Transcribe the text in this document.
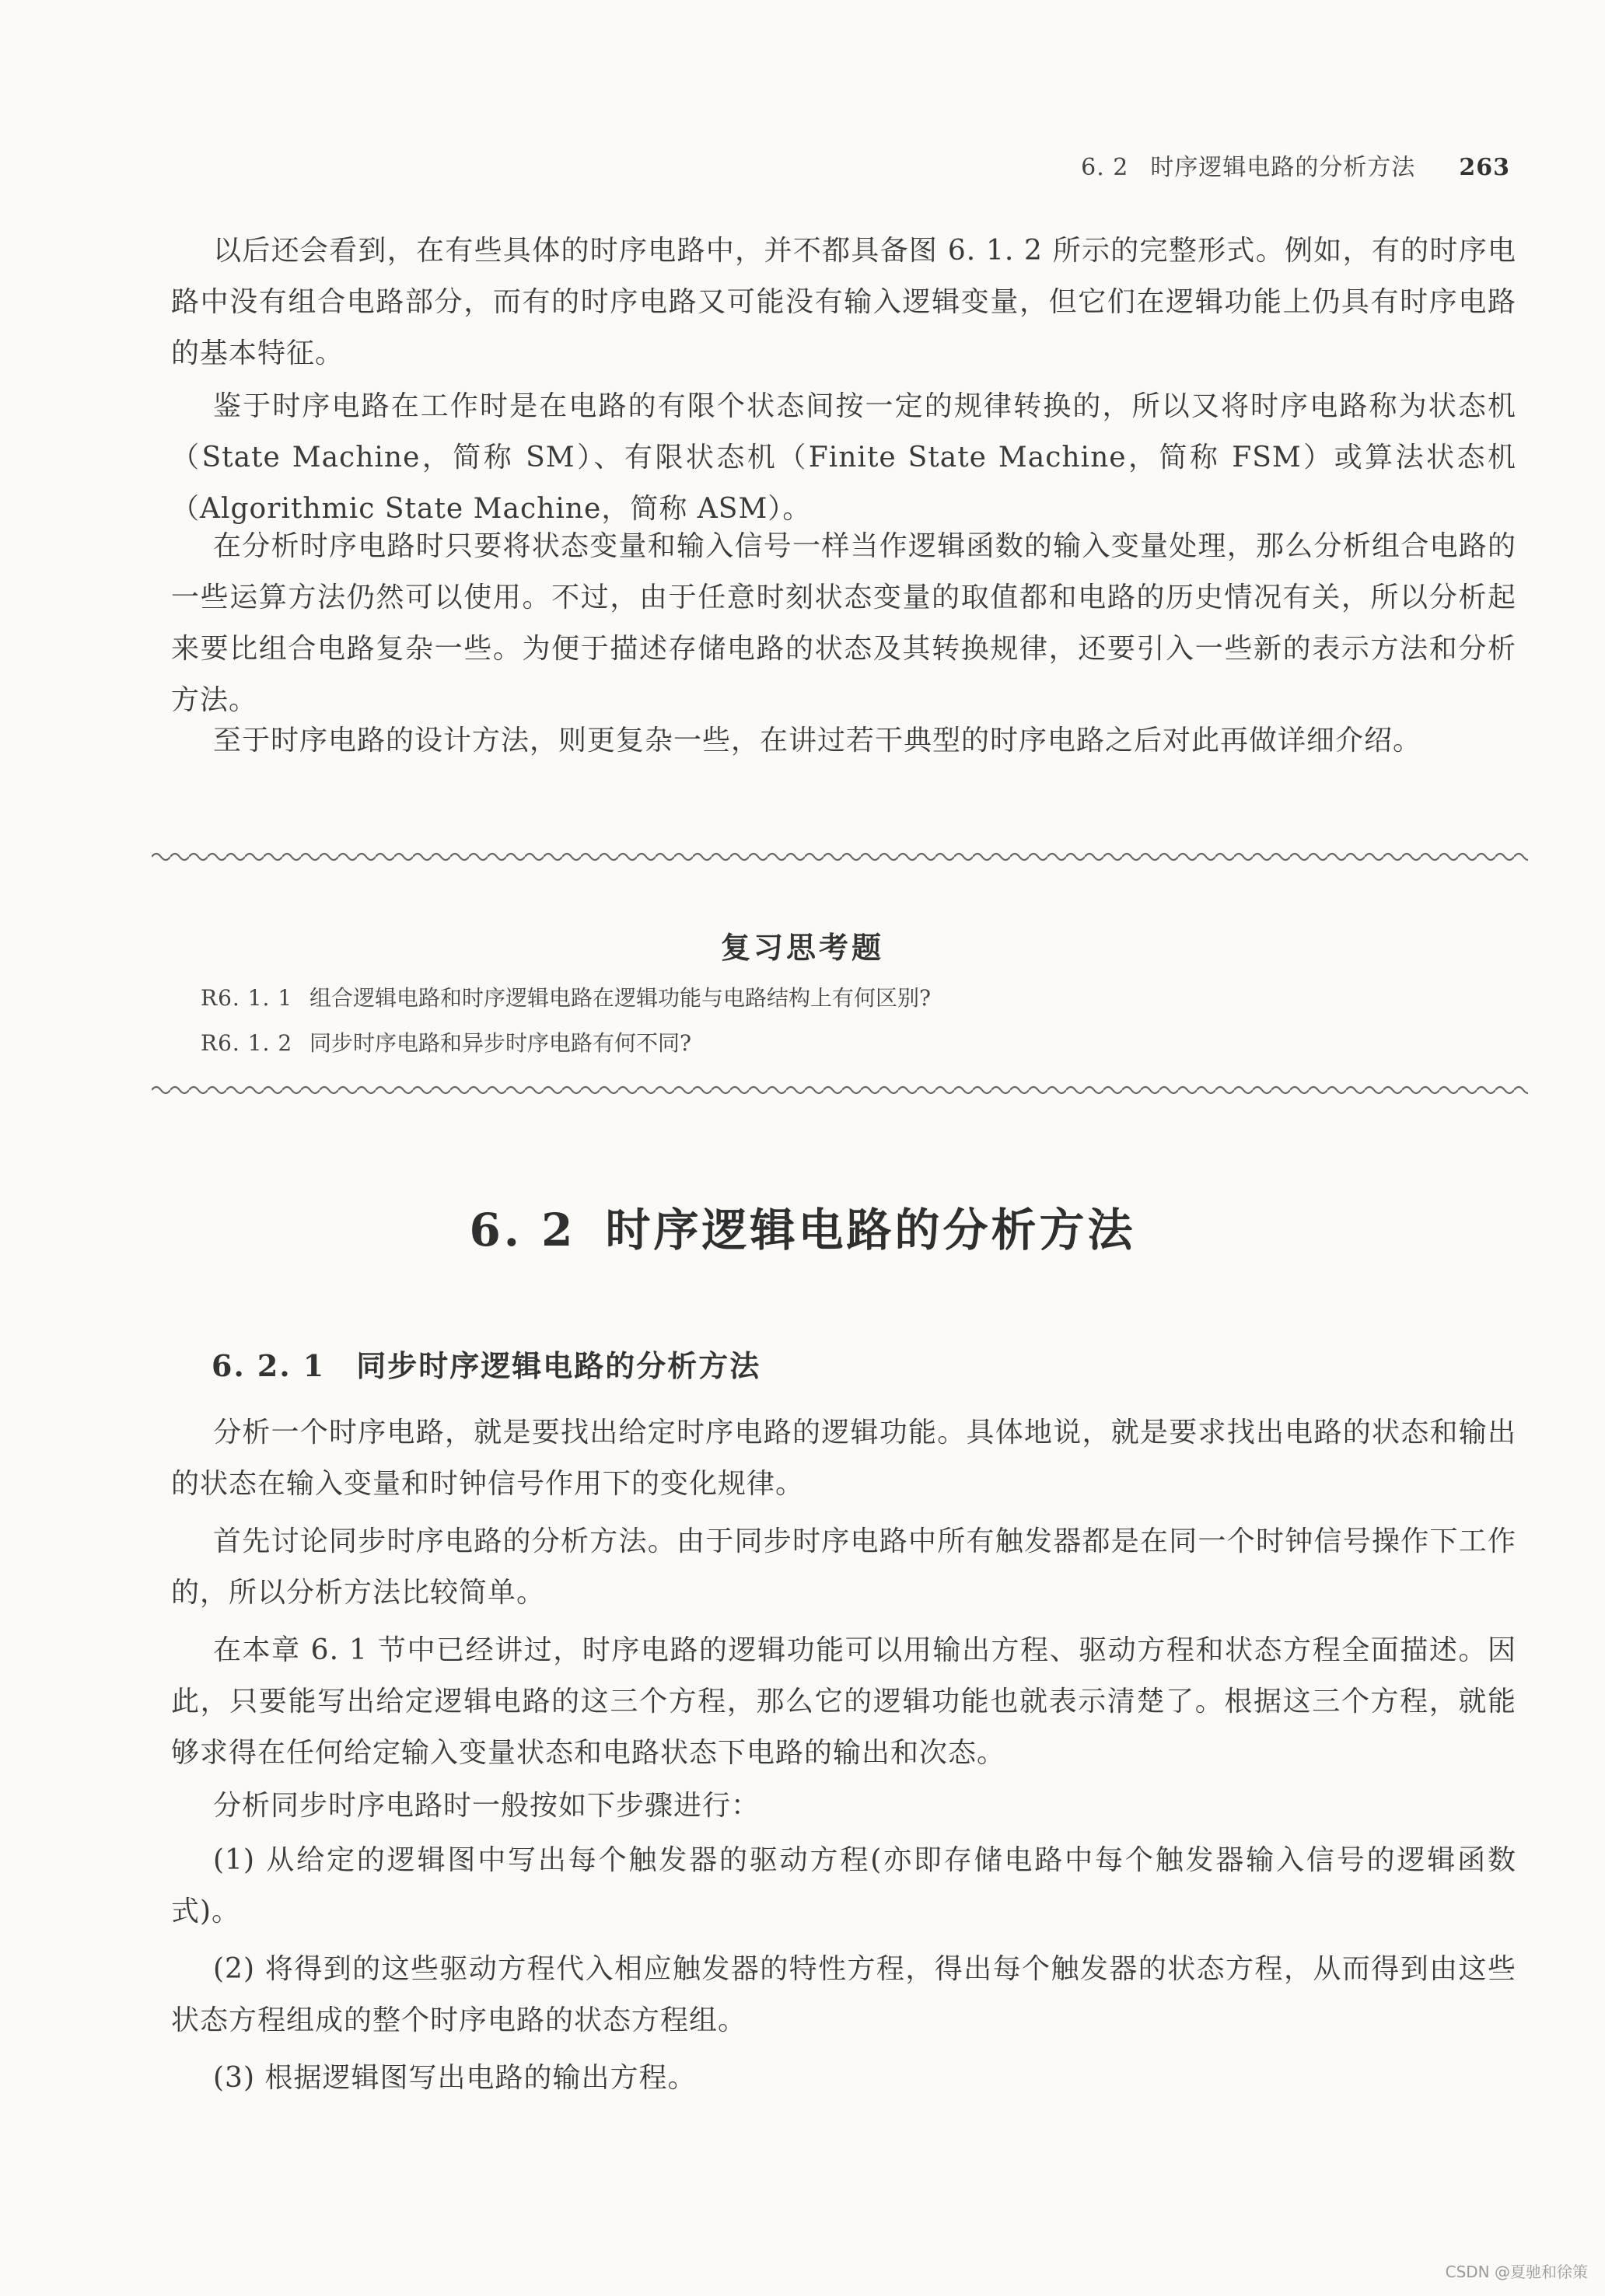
6. 2 时序逻辑电路的分析方法 263

以后还会看到，在有些具体的时序电路中，并不都具备图 6. 1. 2 所示的完整形式。例如，有的时序电路中没有组合电路部分，而有的时序电路又可能没有输入逻辑变量，但它们在逻辑功能上仍具有时序电路的基本特征。

鉴于时序电路在工作时是在电路的有限个状态间按一定的规律转换的，所以又将时序电路称为状态机（State Machine，简称 SM）、有限状态机（Finite State Machine，简称 FSM）或算法状态机（Algorithmic State Machine，简称 ASM）。

在分析时序电路时只要将状态变量和输入信号一样当作逻辑函数的输入变量处理，那么分析组合电路的一些运算方法仍然可以使用。不过，由于任意时刻状态变量的取值都和电路的历史情况有关，所以分析起来要比组合电路复杂一些。为便于描述存储电路的状态及其转换规律，还要引入一些新的表示方法和分析方法。

至于时序电路的设计方法，则更复杂一些，在讲过若干典型的时序电路之后对此再做详细介绍。

复习思考题
R6. 1. 1 组合逻辑电路和时序逻辑电路在逻辑功能与电路结构上有何区别?
R6. 1. 2 同步时序电路和异步时序电路有何不同?
6. 2 时序逻辑电路的分析方法
6. 2. 1 同步时序逻辑电路的分析方法

分析一个时序电路，就是要找出给定时序电路的逻辑功能。具体地说，就是要求找出电路的状态和输出的状态在输入变量和时钟信号作用下的变化规律。

首先讨论同步时序电路的分析方法。由于同步时序电路中所有触发器都是在同一个时钟信号操作下工作的，所以分析方法比较简单。

在本章 6. 1 节中已经讲过，时序电路的逻辑功能可以用输出方程、驱动方程和状态方程全面描述。因此，只要能写出给定逻辑电路的这三个方程，那么它的逻辑功能也就表示清楚了。根据这三个方程，就能够求得在任何给定输入变量状态和电路状态下电路的输出和次态。

分析同步时序电路时一般按如下步骤进行：

(1) 从给定的逻辑图中写出每个触发器的驱动方程(亦即存储电路中每个触发器输入信号的逻辑函数式)。

(2) 将得到的这些驱动方程代入相应触发器的特性方程，得出每个触发器的状态方程，从而得到由这些状态方程组成的整个时序电路的状态方程组。

(3) 根据逻辑图写出电路的输出方程。

CSDN @夏驰和徐策
